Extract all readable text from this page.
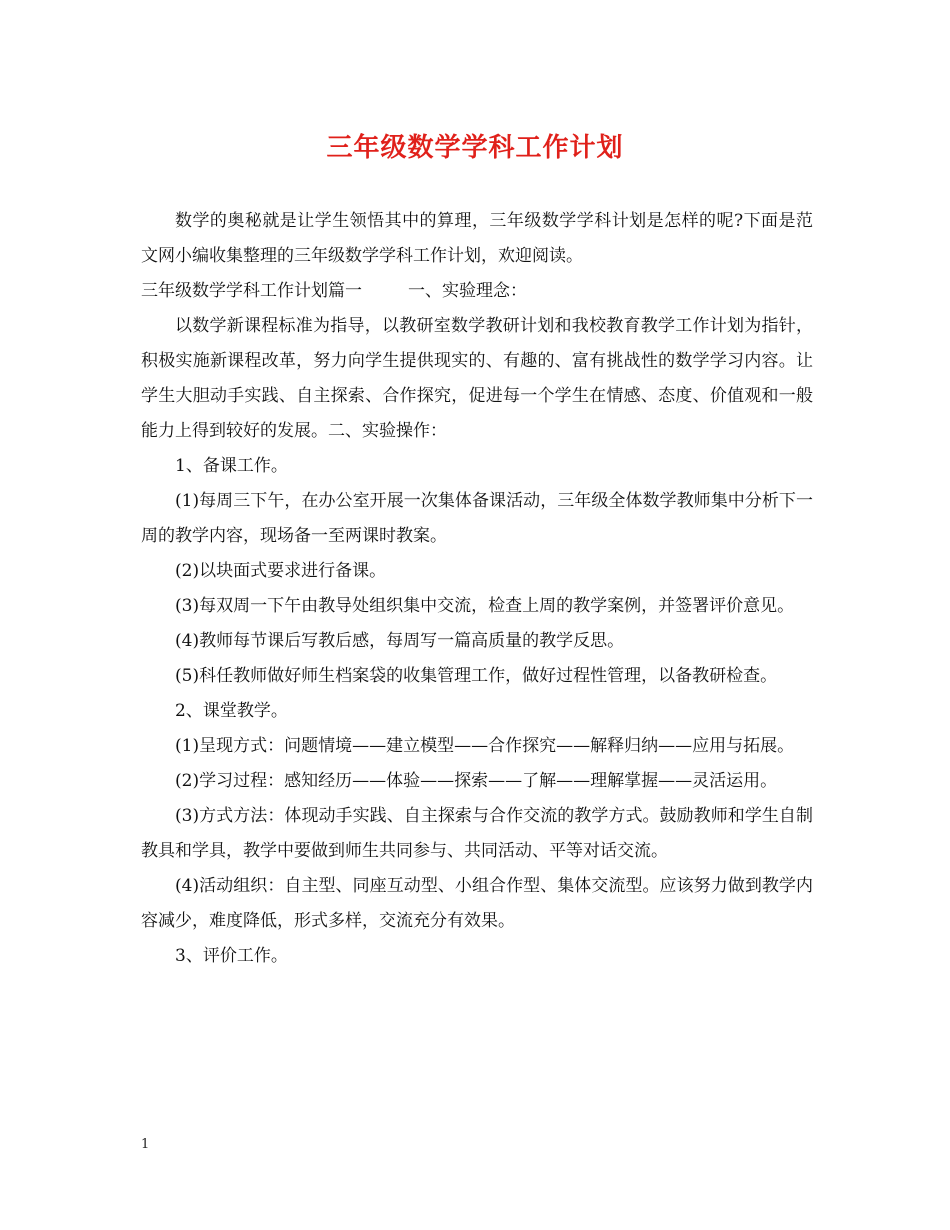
三年级数学学科工作计划

数学的奥秘就是让学生领悟其中的算理，三年级数学学科计划是怎样的呢?下面是范文网小编收集整理的三年级数学学科工作计划，欢迎阅读。

三年级数学学科工作计划篇一	一、实验理念：

以数学新课程标准为指导，以教研室数学教研计划和我校教育教学工作计划为指针，积极实施新课程改革，努力向学生提供现实的、有趣的、富有挑战性的数学学习内容。让学生大胆动手实践、自主探索、合作探究，促进每一个学生在情感、态度、价值观和一般能力上得到较好的发展。二、实验操作：

1、备课工作。

(1)每周三下午，在办公室开展一次集体备课活动，三年级全体数学教师集中分析下一周的教学内容，现场备一至两课时教案。

(2)以块面式要求进行备课。

(3)每双周一下午由教导处组织集中交流，检查上周的教学案例，并签署评价意见。

(4)教师每节课后写教后感，每周写一篇高质量的教学反思。

(5)科任教师做好师生档案袋的收集管理工作，做好过程性管理，以备教研检查。

2、课堂教学。

(1)呈现方式：问题情境——建立模型——合作探究——解释归纳——应用与拓展。

(2)学习过程：感知经历——体验——探索——了解——理解掌握——灵活运用。

(3)方式方法：体现动手实践、自主探索与合作交流的教学方式。鼓励教师和学生自制教具和学具，教学中要做到师生共同参与、共同活动、平等对话交流。

(4)活动组织：自主型、同座互动型、小组合作型、集体交流型。应该努力做到教学内容减少，难度降低，形式多样，交流充分有效果。

3、评价工作。

1
